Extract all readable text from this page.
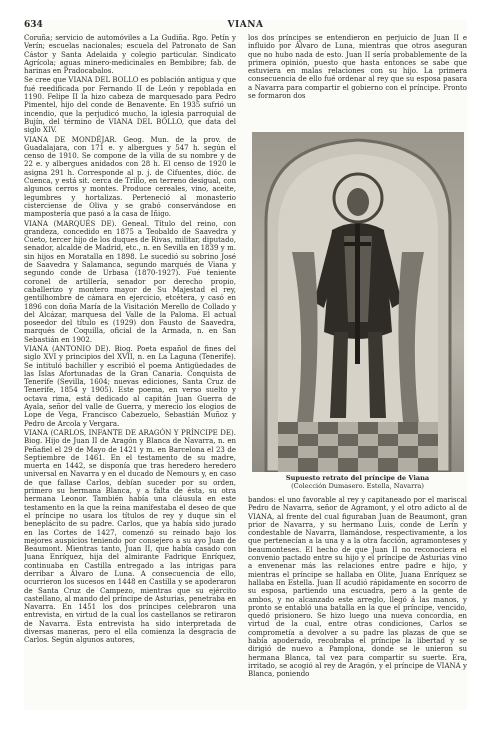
634	VIANA

Coruña; servicio de automóviles a La Gudiña. Rgo. Petín y Verín; escuelas nacionales; escuela del Patronato de San Cástor y Santa Adelaida y colegio particular. Sindicato Agrícola; aguas minero-medicinales en Bembibre; fab. de harinas en Pradocabalos.

Se cree que VIANA DEL BOLLO es población antigua y que fué reedificada por Fernando II de León y repoblada en 1190. Felipe II la hizo cabeza de marquesado para Pedro Pimentel, hijo del conde de Benavente. En 1935 sufrió un incendio, que la perjudicó mucho, la iglesia parroquial de Bujín, del término de VIANA DEL BOLLO, que data del siglo XIV.

VIANA DE MONDÉJAR. Geog. Mun. de la prov. de Guadalajara, con 171 e. y albergues y 547 h. según el censo de 1910. Se compone de la villa de su nombre y de 22 e. y albergues anidados con 28 h. El censo de 1920 le asigna 291 h. Corresponde al p. j. de Cifuentes, dióc. de Cuenca, y está sit. cerca de Trillo, en terreno desigual, con algunos cerros y montes. Produce cereales, vino, aceite, legumbres y hortalizas. Perteneció al monasterio cisterciense de Oliva y se grabó conservándose en mampostería que pasó a la casa de Iñigo.

VIANA (MARQUÉS DE). Geneal. Título del reino, con grandeza, concedido en 1875 a Teobaldo de Saavedra y Cueto, tercer hijo de los duques de Rivas, militar, diputado, senador, alcalde de Madrid, etc., n. en Sevilla en 1839 y m. sin hijos en Moratalla en 1898. Le sucedió su sobrino José de Saavedra y Salamanca, segundo marqués de Viana y segundo conde de Urbasa (1870-1927). Fué teniente coronel de artillería, senador por derecho propio, caballerizo y montero mayor de Su Majestad el rey, gentilhombre de cámara en ejercicio, etcétera, y casó en 1896 con doña María de la Visitación Merello de Collado y del Alcázar, marquesa del Valle de la Paloma. El actual poseedor del título es (1929) don Fausto de Saavedra, marqués de Coquilla, oficial de la Armada, n. en San Sebastián en 1902.

VIANA (ANTONIO DE). Biog. Poeta español de fines del siglo XVI y principios del XVII, n. en La Laguna (Tenerife). Se intituló bachiller y escribió el poema Antigüedades de las Islas Afortunadas de la Gran Canaria. Conquista de Tenerife (Sevilla, 1604; nuevas ediciones, Santa Cruz de Tenerife, 1854 y 1905). Este poema, en verso suelto y octava rima, está dedicado al capitán Juan Guerra de Ayala, señor del valle de Guerra, y merecio los elogios de Lope de Vega, Francisco Cabezuelo, Sebastián Muñoz y Pedro de Arcola y Vergara.

VIANA (CARLOS, INFANTE DE ARAGÓN Y PRÍNCIPE DE). Biog. Hijo de Juan II de Aragón y Blanca de Navarra, n. en Peñafiel el 29 de Mayo de 1421 y m. en Barcelona el 23 de Septiembre de 1461. En el testamento de su madre, muerta en 1442, se disponía que tras heredero heredero universal en Navarra y en el ducado de Nemours y, en caso de que fallase Carlos, debían suceder por su orden, primero su hermana Blanca, y a falta de ésta, su otra hermana Leonor. También había una cláusula en este testamento en la que la reina manifestaba el deseo de que el príncipe no usara los títulos de rey y duque sin el beneplácito de su padre. Carlos, que ya había sido jurado en las Cortes de 1427, comenzó su reinado bajo los mejores auspicios teniendo por consejero a su ayo Juan de Beaumont. Mientras tanto, Juan II, que había casado con Juana Enríquez, hija del almirante Fadrique Enríquez, continuaba en Castilla entregado a las intrigas para derribar a Álvaro de Luna. A consecuencia de ello, ocurrieron los sucesos en 1448 en Castilla y se apoderaron de Santa Cruz de Campezo, mientras que su ejército castellano, al mando del príncipe de Asturias, penetraba en Navarra. En 1451 los dos príncipes celebraron una entrevista, en virtud de la cual los castellanos se retiraron de Navarra. Esta entrevista ha sido interpretada de diversas maneras, pero el ella comienza la desgracia de Carlos. Según algunos autores,

los dos príncipes se entendieron en perjuicio de Juan II e influido por Álvaro de Luna, mientras que otros aseguran que no hubo nada de esto. Juan II sería probablemente de la primera opinión, puesto que hasta entonces se sabe que estuviera en malas relaciones con su hijo. La primera consecuencia de ello fué ordenar al rey que su esposa pasara a Navarra para compartir el gobierno con el príncipe. Pronto se formaron dos

Supuesto retrato del príncipe de Viana
(Colección Dumasero. Estella, Navarra)

bandos: el uno favorable al rey y capitaneado por el mariscal Pedro de Navarra, señor de Agramont, y el otro adicto al de VIANA, al frente del cual figuraban Juan de Beaumont, gran prior de Navarra, y su hermano Luis, conde de Lerín y condestable de Navarra, llamándose, respectivamente, a los que pertenecían a la una y a la otra facción, agramonteses y beaumonteses. El hecho de que Juan II no reconociera el convenio pactado entre su hijo y el príncipe de Asturias vino a envenenar más las relaciones entre padre e hijo, y mientras el príncipe se hallaba en Olite, Juana Enríquez se hallaba en Estella. Juan II acudió rápidamente en socorro de su esposa, partiendo una escuadra, pero a la gente de ambos, y no alcanzado este arreglo, llegó á las manos, y pronto se entabló una batalla en la que el príncipe, vencido, quedó prisionero. Se hizo luego una nueva concordia, en virtud de la cual, entre otras condiciones, Carlos se comprometía a devolver a su padre las plazas de que se había apoderado, recobraba el príncipe la libertad y se dirigió de nuevo a Pamplona, donde se le unieron su hermana Blanca, tal vez para compartir su suerte. Era, irritado, se acogió al rey de Aragón, y el príncipe de VIANA y Blanca, poniendo
